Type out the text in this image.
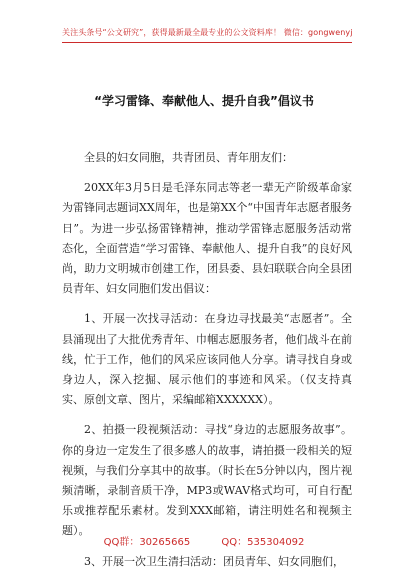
关注头条号“公文研究”，获得最新最全最专业的公文资料库！ 微信：gongwenyj
“学习雷锋、奉献他人、提升自我”倡议书

全县的妇女同胞，共青团员、青年朋友们：

20XX年3月5日是毛泽东同志等老一辈无产阶级革命家为雷锋同志题词XX周年，也是第XX个“中国青年志愿者服务日”。为进一步弘扬雷锋精神，推动学雷锋志愿服务活动常态化，全面营造“学习雷锋、奉献他人、提升自我”的良好风尚，助力文明城市创建工作，团县委、县妇联联合向全县团员青年、妇女同胞们发出倡议：

1、开展一次找寻活动：在身边寻找最美“志愿者”。全县涌现出了大批优秀青年、巾帼志愿服务者，他们战斗在前线，忙于工作，他们的风采应该同他人分享。请寻找自身或身边人，深入挖掘、展示他们的事迹和风采。（仅支持真实、原创文章、图片，采编邮箱XXXXXX）。

2、拍摄一段视频活动：寻找“身边的志愿服务故事”。你的身边一定发生了很多感人的故事，请拍摄一段相关的短视频，与我们分享其中的故事。（时长在5分钟以内，图片视频清晰，录制音质干净，MP3或WAV格式均可，可自行配乐或推荐配乐素材。发到XXX邮箱，请注明姓名和视频主题）。

3、开展一次卫生清扫活动：团员青年、妇女同胞们，

QQ群：30265665	QQ：535304092
